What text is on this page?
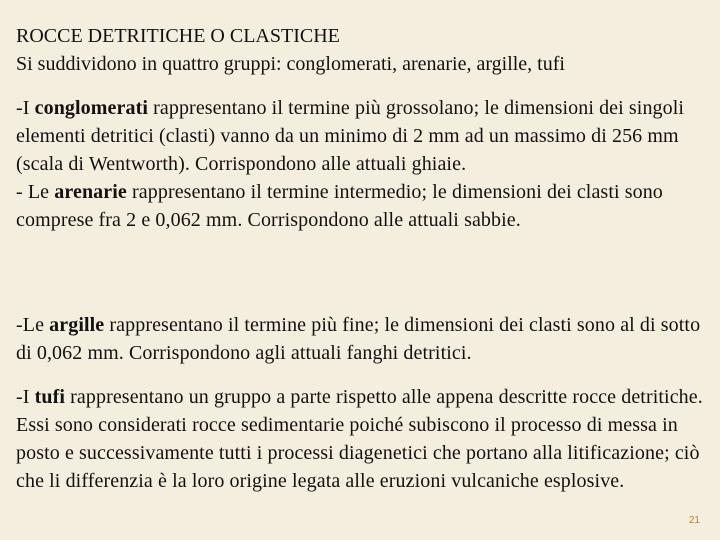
ROCCE DETRITICHE O CLASTICHE
Si suddividono in quattro gruppi: conglomerati, arenarie, argille, tufi
-I conglomerati rappresentano il termine più grossolano; le dimensioni dei singoli elementi detritici (clasti) vanno da un minimo di 2 mm ad un massimo di 256 mm (scala di Wentworth). Corrispondono alle attuali ghiaie.
- Le arenarie rappresentano il termine intermedio; le dimensioni dei clasti sono comprese fra 2 e 0,062 mm. Corrispondono alle attuali sabbie.
-Le argille rappresentano il termine più fine; le dimensioni dei clasti sono al di sotto di 0,062 mm. Corrispondono agli attuali fanghi detritici.
-I tufi rappresentano un gruppo a parte rispetto alle appena descritte rocce detritiche. Essi sono considerati rocce sedimentarie poiché subiscono il processo di messa in posto e successivamente tutti i processi diagenetici che portano alla litificazione; ciò che li differenzia è la loro origine legata alle eruzioni vulcaniche esplosive.
21
